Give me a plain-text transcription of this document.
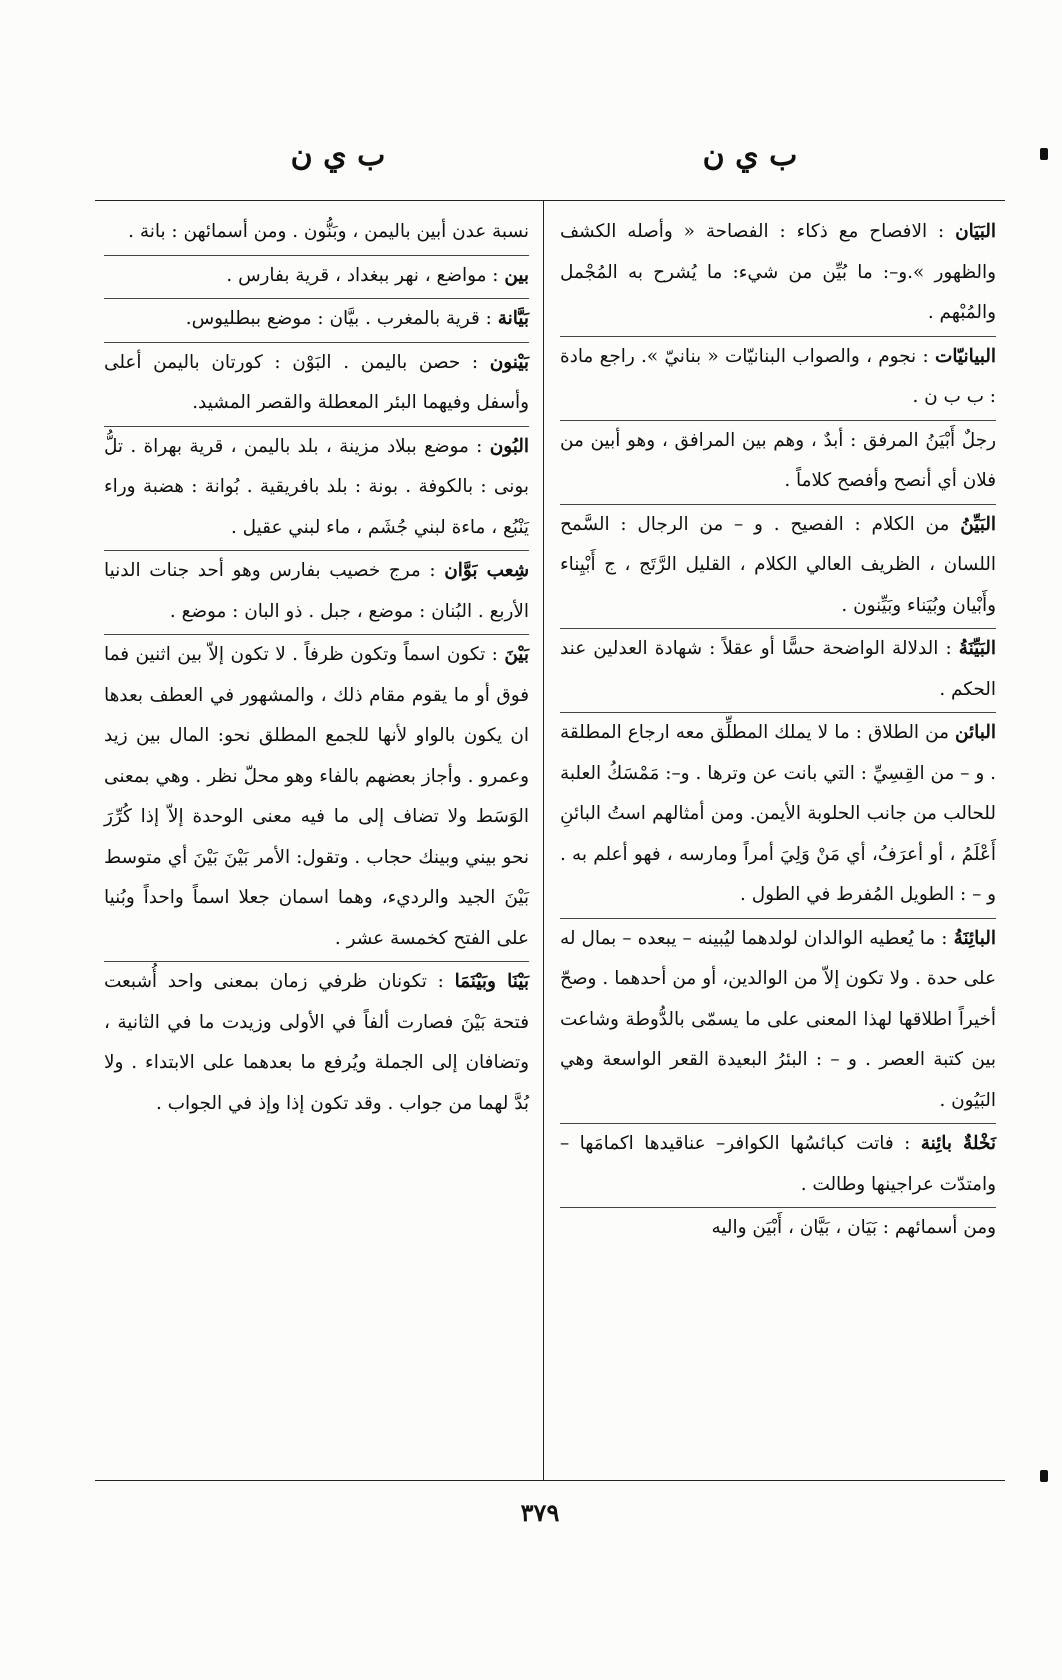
ب ي ن
ب ي ن

البَيَان : الافصاح مع ذكاء : الفصاحة « وأصله الكشف والظهور ».و–: ما بُيِّن من شيء: ما يُشرح به المُجْمل والمُبْهم .

البيانيّات : نجوم ، والصواب البنانيّات « بنانيّ ». راجع مادة : ب ب ن .

رجلٌ أَبْيَنُ المرفق : أبدٌ ، وهم بين المرافق ، وهو أبين من فلان أي أنصح وأفصح كلاماً .

البَيِّنُ من الكلام : الفصيح . و – من الرجال : السَّمح اللسان ، الظريف العالي الكلام ، القليل الرَّتَج ، ج أَبْيِناء وأَبْيان وبُيَناء وبَيِّنون .

البَيِّنَةُ : الدلالة الواضحة حسًّا أو عقلاً : شهادة العدلين عند الحكم .

البائن من الطلاق : ما لا يملك المطلِّق معه ارجاع المطلقة . و – من القِسِيِّ : التي بانت عن وترها . و–: مَمْسَكُ العلبة للحالب من جانب الحلوبة الأيمن. ومن أمثالهم استُ البائنِ أَعْلَمُ ، أو أعرَفُ، أي مَنْ وَلِيَ أمراً ومارسه ، فهو أعلم به . و – : الطويل المُفرط في الطول .

البائِنَةُ : ما يُعطيه الوالدان لولدهما ليُبينه – يبعده – بمال له على حدة . ولا تكون إلاّ من الوالدين، أو من أحدهما . وصحّ أخيراً اطلاقها لهذا المعنى على ما يسمّى بالدُّوطة وشاعت بين كتبة العصر . و – : البئرُ البعيدة القعر الواسعة وهي البَيُون .

نَخْلةٌ بائِنة : فاتت كبائسُها الكوافر– عناقيدها اكمامَها – وامتدّت عراجينها وطالت .

ومن أسمائهم : بَيَان ، بَيَّان ، أَبْيَن واليه

نسبة عدن أبين باليمن ، وبَنُّون . ومن أسمائهن : بانة .

بين : مواضع ، نهر ببغداد ، قرية بفارس .

بَيَّانة : قرية بالمغرب . بيَّان : موضع ببطليوس.

بَيْنون : حصن باليمن . البَوْن : كورتان باليمن أعلى وأسفل وفيهما البئر المعطلة والقصر المشيد.

البُون : موضع ببلاد مزينة ، بلد باليمن ، قرية بهراة . تلُّ بونى : بالكوفة . بونة : بلد بافريقية . بُوانة : هضبة وراء يَنْبُع ، ماءة لبني جُشَم ، ماء لبني عقيل .

شِعب بَوَّان : مرج خصيب بفارس وهو أحد جنات الدنيا الأربع . البُنان : موضع ، جبل . ذو البان : موضع .

بَيْنَ : تكون اسماً وتكون ظرفاً . لا تكون إلاّ بين اثنين فما فوق أو ما يقوم مقام ذلك ، والمشهور في العطف بعدها ان يكون بالواو لأنها للجمع المطلق نحو: المال بين زيد وعمرو . وأجاز بعضهم بالفاء وهو محلّ نظر . وهي بمعنى الوَسَط ولا تضاف إلى ما فيه معنى الوحدة إلاّ إذا كُرِّرَ نحو بيني وبينك حجاب . وتقول: الأمر بَيْنَ بَيْنَ أي متوسط بَيْنَ الجيد والرديء، وهما اسمان جعلا اسماً واحداً وبُنيا على الفتح كخمسة عشر .

بَيْنَا وبَيْنَمَا : تكونان ظرفي زمان بمعنى واحد أُشبعت فتحة بَيْنَ فصارت ألفاً في الأولى وزيدت ما في الثانية ، وتضافان إلى الجملة ويُرفع ما بعدهما على الابتداء . ولا بُدَّ لهما من جواب . وقد تكون إذا وإذ في الجواب .

٣٧٩
